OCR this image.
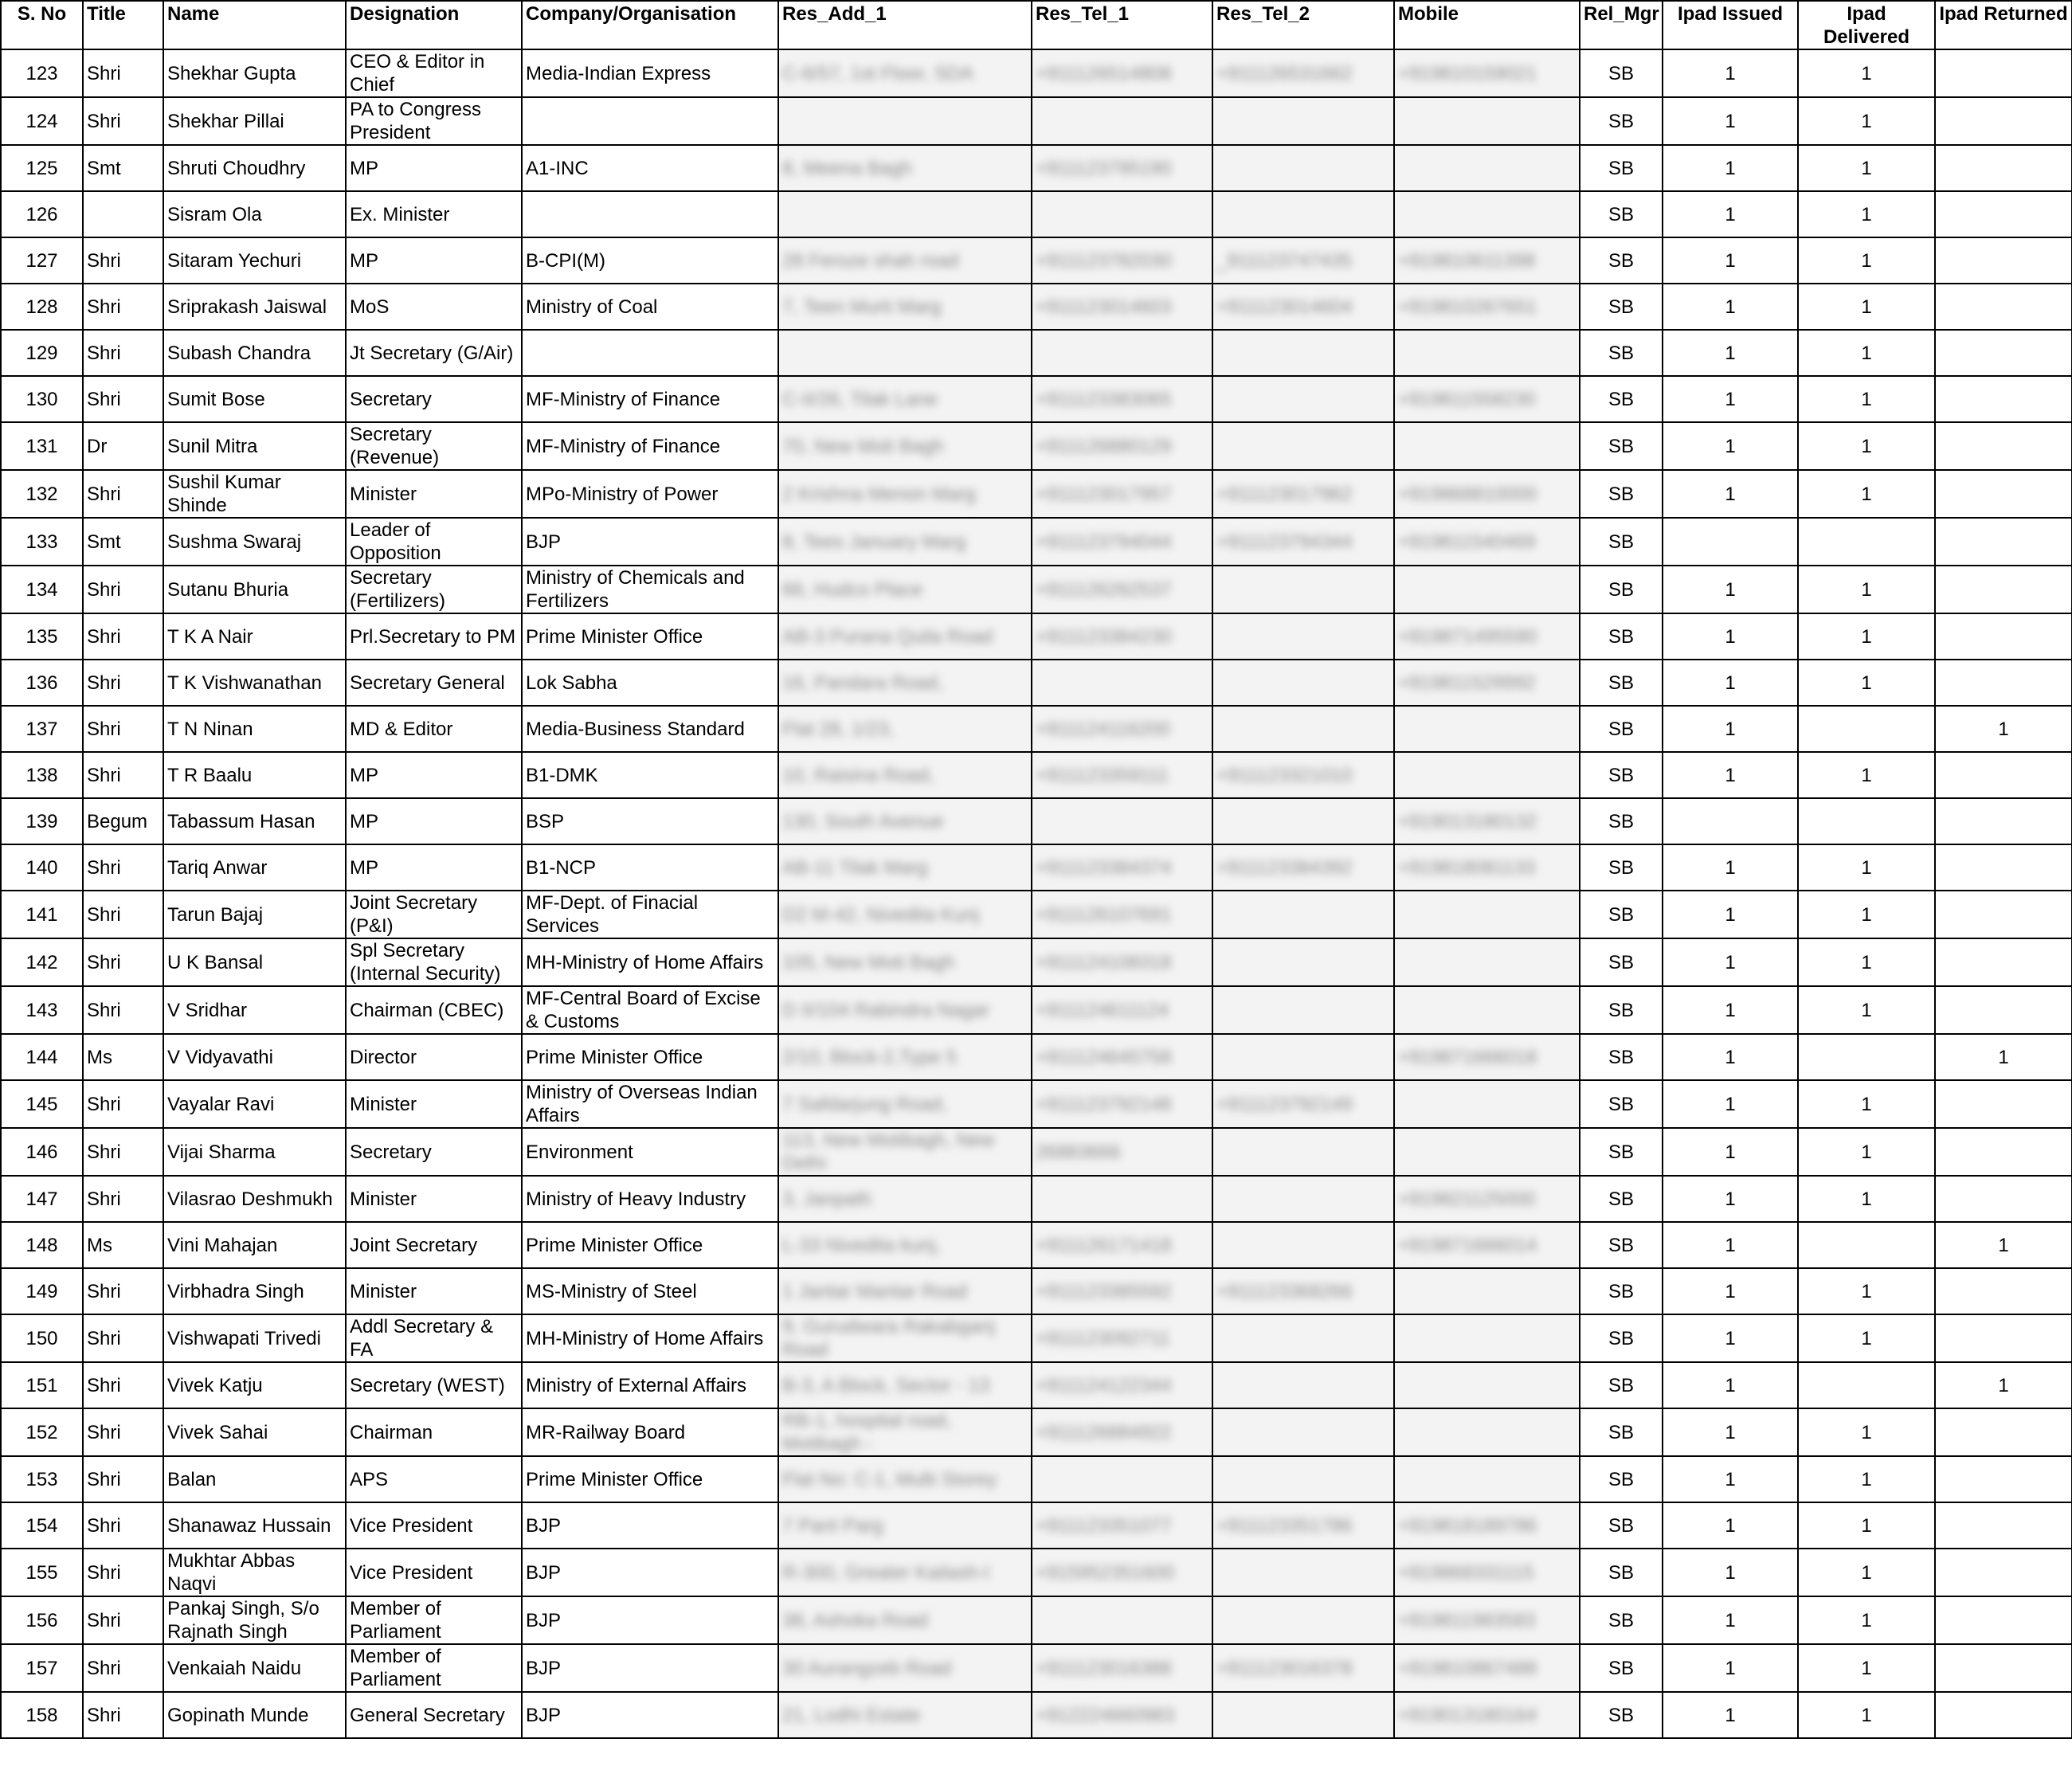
S. No	Title	Name	Designation	Company/Organisation	Res_Add_1	Res_Tel_1	Res_Tel_2	Mobile	Rel_Mgr	Ipad Issued	Ipad Delivered	Ipad Returned
123	Shri	Shekhar Gupta	CEO & Editor in Chief	Media-Indian Express	C-6/57, 1st Floor, SDA	+911126514808	+911126531662	+919810159021	SB	1	1	
124	Shri	Shekhar Pillai	PA to Congress President						SB	1	1	
125	Smt	Shruti Choudhry	MP	A1-INC	8, Meena Bagh	+911123795190			SB	1	1	
126		Sisram Ola	Ex. Minister						SB	1	1	
127	Shri	Sitaram Yechuri	MP	B-CPI(M)	28 Feroze shah road	+911123782030	_911123747435	+919810611398	SB	1	1	
128	Shri	Sriprakash Jaiswal	MoS	Ministry of Coal	7, Teen Murti Marg	+911123014603	+911123014604	+919810267651	SB	1	1	
129	Shri	Subash Chandra	Jt Secretary (G/Air)						SB	1	1	
130	Shri	Sumit Bose	Secretary	MF-Ministry of Finance	C-II/26, Tilak Lane	+911123383065		+919811558230	SB	1	1	
131	Dr	Sunil Mitra	Secretary (Revenue)	MF-Ministry of Finance	70, New Moti Bagh	+911126880129			SB	1	1	
132	Shri	Sushil Kumar Shinde	Minister	MPo-Ministry of Power	2 Krishna Menon Marg	+911123017957	+911123017962	+919868810000	SB	1	1	
133	Smt	Sushma Swaraj	Leader of Opposition	BJP	8, Tees January Marg	+911123794044	+911123794344	+919811540469	SB			
134	Shri	Sutanu Bhuria	Secretary (Fertilizers)	Ministry of Chemicals and Fertilizers	66, Hudco Place	+911126262537			SB	1	1	
135	Shri	T K A Nair	Prl.Secretary to PM	Prime Minister Office	AB-3 Purana Quila Road	+911123384230		+919871495590	SB	1	1	
136	Shri	T K Vishwanathan	Secretary General	Lok Sabha	16, Pandara Road,			+919811529992	SB	1	1	
137	Shri	T N Ninan	MD & Editor	Media-Business Standard	Flat 28, 1/23,	+911124116200			SB	1		1
138	Shri	T R Baalu	MP	B1-DMK	10, Raisina Road,	+911123359111	+911123321010		SB	1	1	
139	Begum	Tabassum Hasan	MP	BSP	130, South Avenue			+919013180132	SB			
140	Shri	Tariq Anwar	MP	B1-NCP	AB-11 Tilak Marg	+911123384374	+911123384392	+919818081133	SB	1	1	
141	Shri	Tarun Bajaj	Joint Secretary (P&I)	MF-Dept. of Finacial Services	D2 M-42, Nivedita Kunj	+911126107691			SB	1	1	
142	Shri	U K Bansal	Spl Secretary (Internal Security)	MH-Ministry of Home Affairs	105, New Moti Bagh	+911124108318			SB	1	1	
143	Shri	V Sridhar	Chairman (CBEC)	MF-Central Board of Excise & Customs	D II/104 Rabindra Nagar	+911124611124			SB	1	1	
144	Ms	V Vidyavathi	Director	Prime Minister Office	2/10, Block-2,Type 5	+911124645758		+919871666018	SB	1		1
145	Shri	Vayalar Ravi	Minister	Ministry of Overseas Indian Affairs	7 Safdarjung Road,	+911123792148	+911123792149		SB	1	1	
146	Shri	Vijai Sharma	Secretary	Environment	113, New Motibagh, New Delhi	26883666			SB	1	1	
147	Shri	Vilasrao Deshmukh	Minister	Ministry of Heavy Industry	3, Janpath			+919821125000	SB	1	1	
148	Ms	Vini Mahajan	Joint Secretary	Prime Minister Office	L-33 Nivedita kunj,	+911126171418		+919871666014	SB	1		1
149	Shri	Virbhadra Singh	Minister	MS-Ministry of Steel	1 Jantar Mantar Road	+911123385592	+911123368266		SB	1	1	
150	Shri	Vishwapati Trivedi	Addl Secretary & FA	MH-Ministry of Home Affairs	9, Gurudwara Rakabganj Road	+911123092711			SB	1	1	
151	Shri	Vivek Katju	Secretary (WEST)	Ministry of External Affairs	B-3, A Block, Sector - 13	+911124122344			SB	1		1
152	Shri	Vivek Sahai	Chairman	MR-Railway Board	RB-1, hospital road, Motibagh -	+911126884922			SB	1	1	
153	Shri	Balan	APS	Prime Minister Office	Flat No: C-1, Multi Storey				SB	1	1	
154	Shri	Shanawaz Hussain	Vice President	BJP	7 Pant Parg	+911123351077	+911123351786	+919818189786	SB	1	1	
155	Shri	Mukhtar Abbas Naqvi	Vice President	BJP	R-300, Greater Kailash-I	+915952351600		+919868331115	SB	1	1	
156	Shri	Pankaj Singh, S/o Rajnath Singh	Member of Parliament	BJP	38, Ashoka Road			+919811983583	SB	1	1	
157	Shri	Venkaiah Naidu	Member of Parliament	BJP	30 Aurangzeb Road	+911123016388	+911123016378	+919810867488	SB	1	1	
158	Shri	Gopinath Munde	General Secretary	BJP	21, Lodhi Estate	+912224660983		+919013180164	SB	1	1	
